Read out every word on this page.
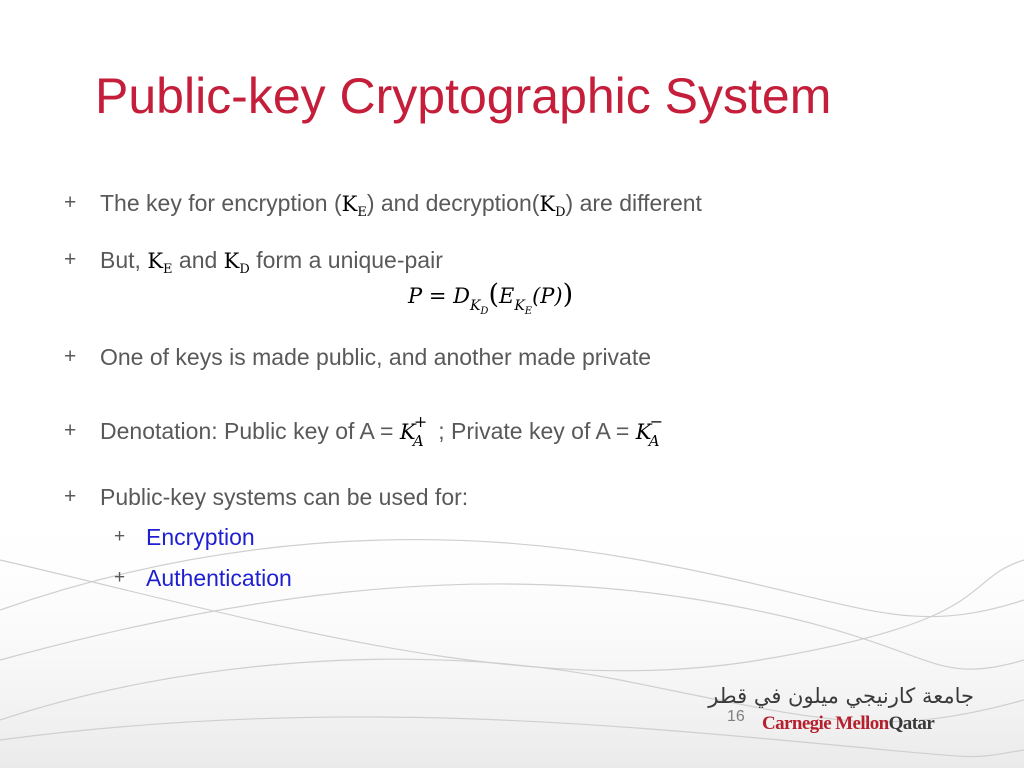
Public-key Cryptographic System
+ The key for encryption $(K_E)$ and $decryption(K_D)$ are different
+ But, $K_E$ and $K_D$ form a unique-pair
$P = D_{KD}(E_{KE}(P))$
+ One of keys is made public, and another made private
+ Denotation: Public key of A = K
+
A ; Private key of A = K
−
A
+ Public-key systems can be used for:
+ Encryption
+ Authentication
16
جامعة كارنيجي ميلون في قطر
Carnegie MellonQatar
